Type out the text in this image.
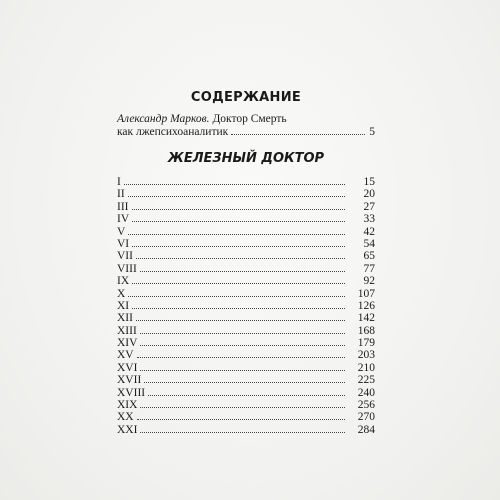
СОДЕРЖАНИЕ
Александр Марков. Доктор Смерть
как лжепсихоаналитик	5
ЖЕЛЕЗНЫЙ ДОКТОР
I	15
II	20
III	27
IV	33
V	42
VI	54
VII	65
VIII	77
IX	92
X	107
XI	126
XII	142
XIII	168
XIV	179
XV	203
XVI	210
XVII	225
XVIII	240
XIX	256
XX	270
XXI	284
